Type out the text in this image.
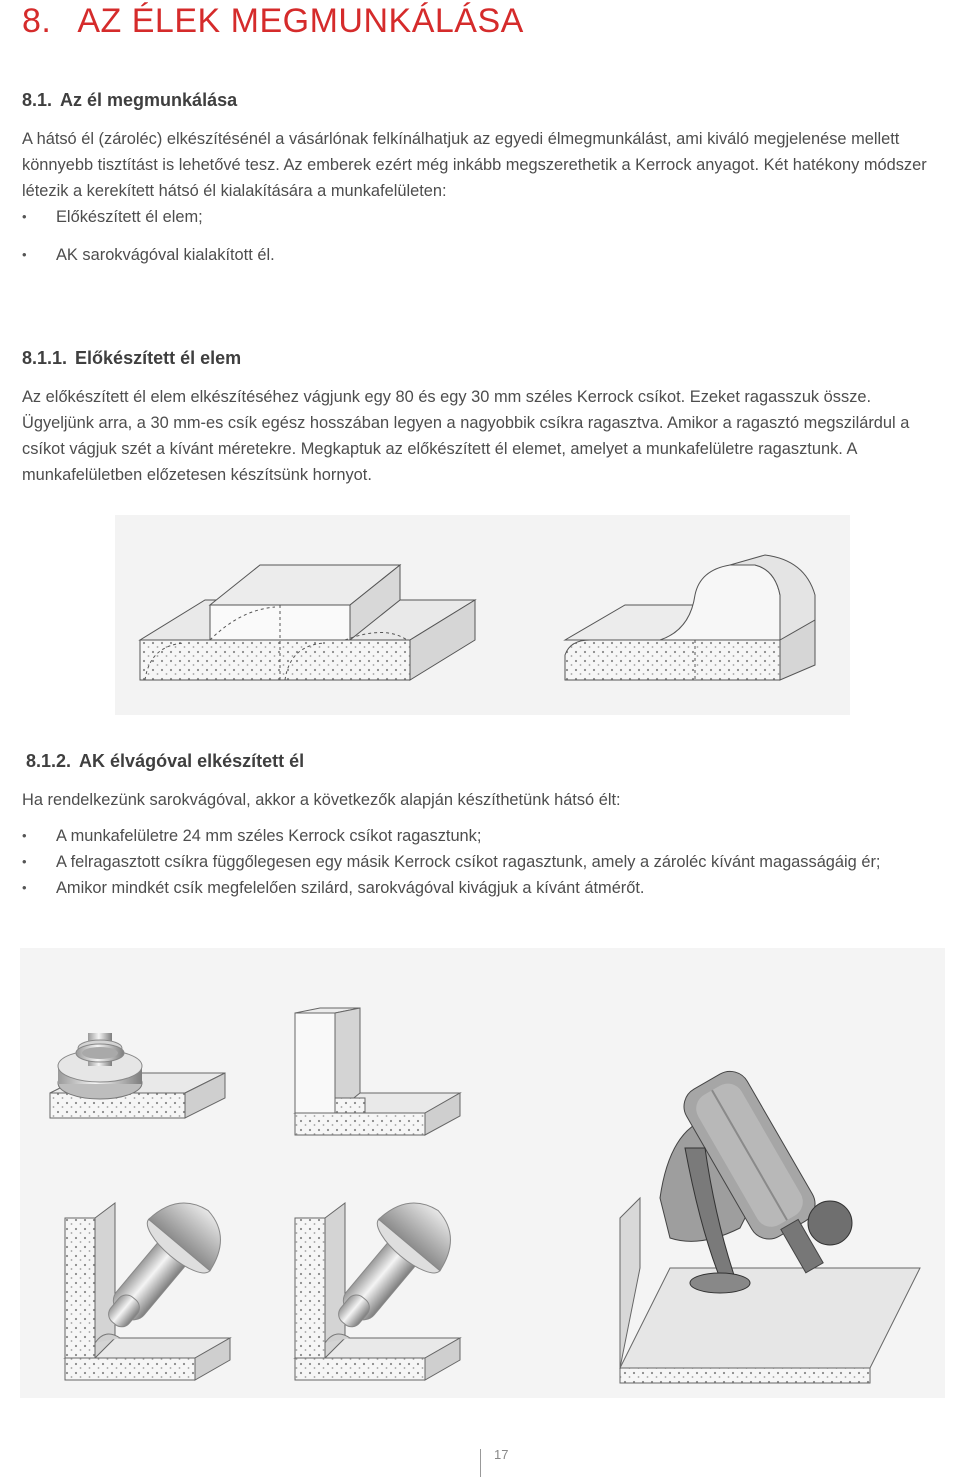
8. AZ ÉLEK MEGMUNKÁLÁSA
8.1. Az él megmunkálása

A hátsó él (zároléc) elkészítésénél a vásárlónak felkínálhatjuk az egyedi élmegmunkálást, ami kiváló megjelenése mellett könnyebb tisztítást is lehetővé tesz. Az emberek ezért még inkább megszerethetik a Kerrock anyagot. Két hatékony módszer létezik a kerekített hátsó él kialakítására a munkafelületen:

• Előkészített él elem;
• AK sarokvágóval kialakított él.
8.1.1. Előkészített él elem

Az előkészített él elem elkészítéséhez vágjunk egy 80 és egy 30 mm széles Kerrock csíkot. Ezeket ragasszuk össze. Ügyeljünk arra, a 30 mm-es csík egész hosszában legyen a nagyobbik csíkra ragasztva. Amikor a ragasztó megszilárdul a csíkot vágjuk szét a kívánt méretekre. Megkaptuk az előkészített él elemet, amelyet a munkafelületre ragasztunk. A munkafelületben előzetesen készítsünk hornyot.

8.1.2. AK élvágóval elkészített él

Ha rendelkezünk sarokvágóval, akkor a következők alapján készíthetünk hátsó élt:

• A munkafelületre 24 mm széles Kerrock csíkot ragasztunk;
• A felragasztott csíkra függőlegesen egy másik Kerrock csíkot ragasztunk, amely a zároléc kívánt magasságáig ér;
• Amikor mindkét csík megfelelően szilárd, sarokvágóval kivágjuk a kívánt átmérőt.
17
